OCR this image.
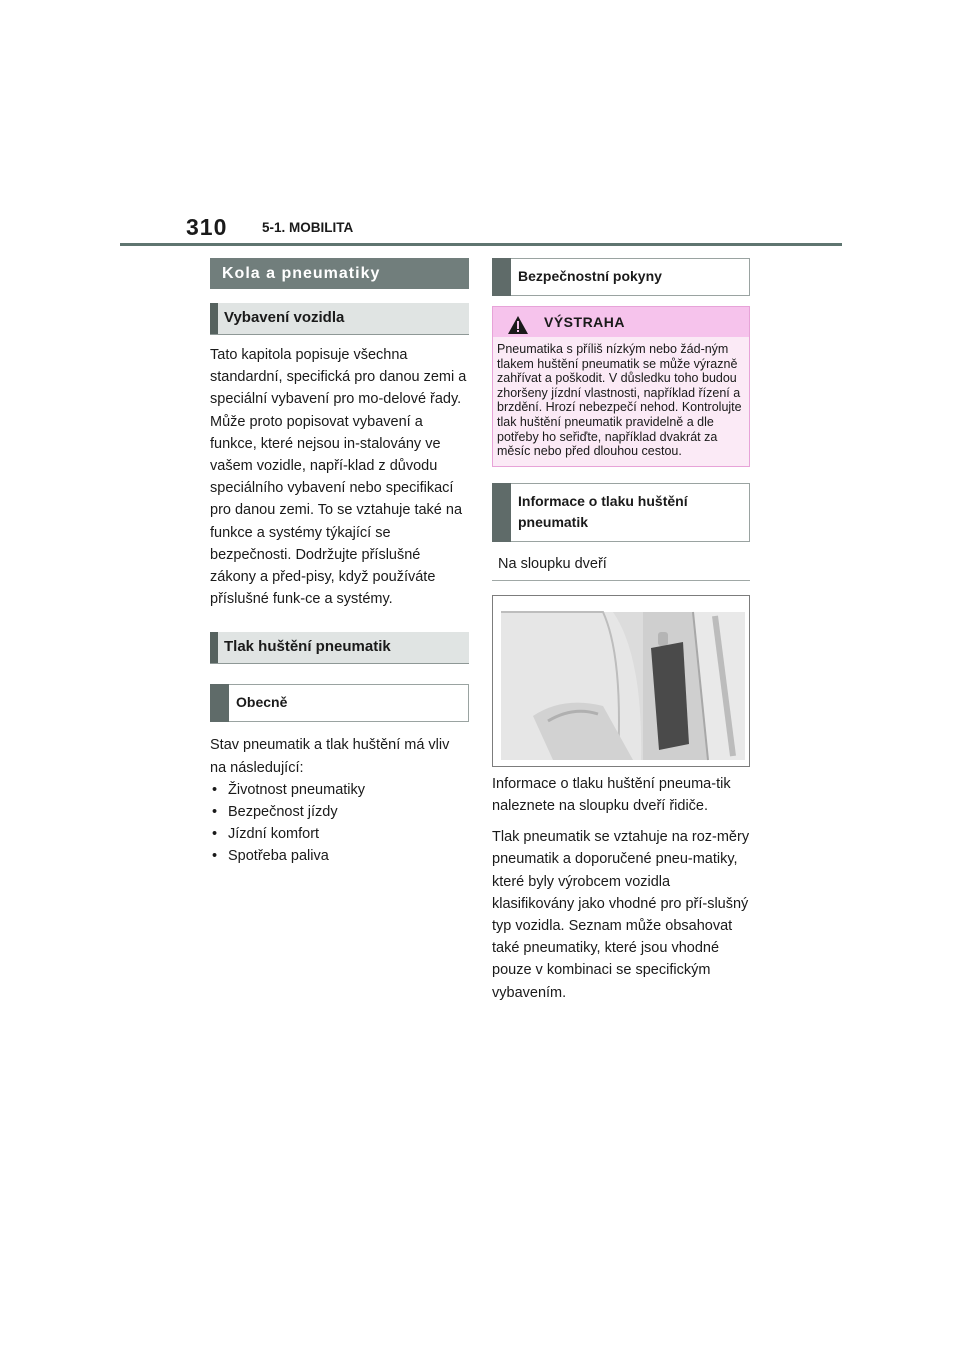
310	5-1. MOBILITA
Kola a pneumatiky
Vybavení vozidla

Tato kapitola popisuje všechna standardní, specifická pro danou zemi a speciální vybavení pro mo-delové řady. Může proto popisovat vybavení a funkce, které nejsou in-stalovány ve vašem vozidle, napří-klad z důvodu speciálního vybavení nebo specifikací pro danou zemi. To se vztahuje také na funkce a systémy týkající se bezpečnosti. Dodržujte příslušné zákony a před-pisy, když používáte příslušné funk-ce a systémy.

Tlak huštění pneumatik
Obecně

Stav pneumatik a tlak huštění má vliv na následující:

• Životnost pneumatiky
• Bezpečnost jízdy
• Jízdní komfort
• Spotřeba paliva
Bezpečnostní pokyny
VÝSTRAHA
Pneumatika s příliš nízkým nebo žád-ným tlakem huštění pneumatik se může výrazně zahřívat a poškodit. V důsledku toho budou zhoršeny jízdní vlastnosti, například řízení a brzdění. Hrozí nebezpečí nehod. Kontrolujte tlak huštění pneumatik pravidelně a dle potřeby ho seřiďte, například dvakrát za měsíc nebo před dlouhou cestou.
Informace o tlaku huštění pneumatik
Na sloupku dveří

Informace o tlaku huštění pneuma-tik naleznete na sloupku dveří řidiče.

Tlak pneumatik se vztahuje na roz-měry pneumatik a doporučené pneu-matiky, které byly výrobcem vozidla klasifikovány jako vhodné pro pří-slušný typ vozidla. Seznam může obsahovat také pneumatiky, které jsou vhodné pouze v kombinaci se specifickým vybavením.
